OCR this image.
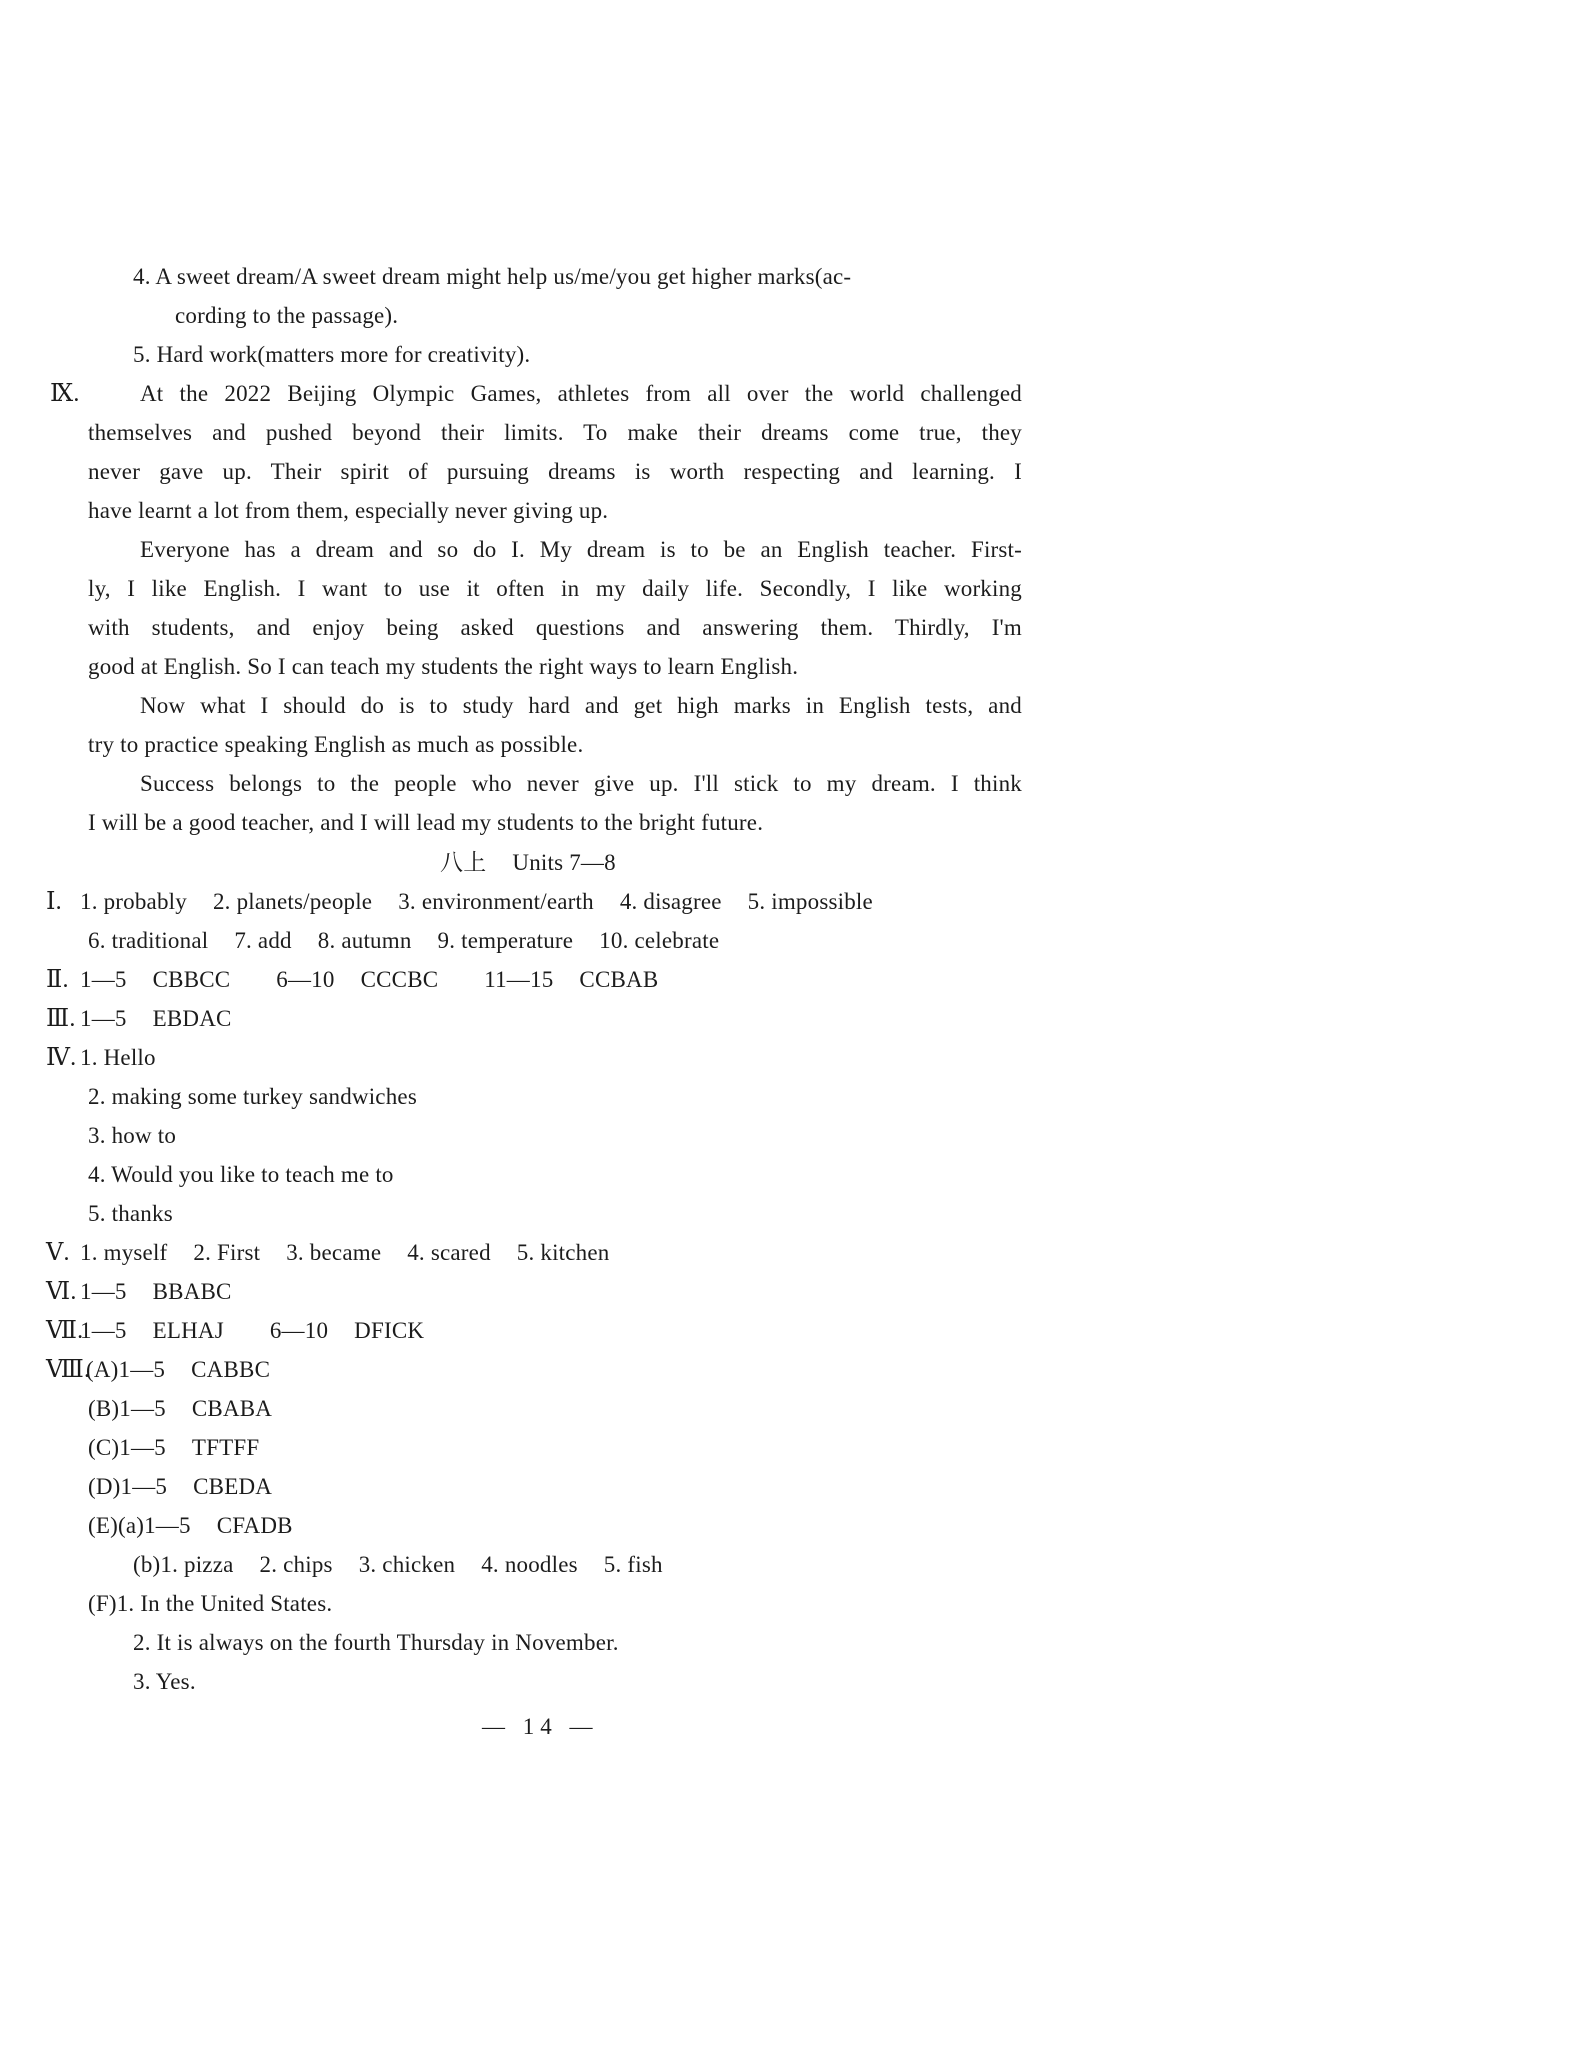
4. A sweet dream/A sweet dream might help us/me/you get higher marks(ac-
cording to the passage).
5. Hard work(matters more for creativity).
Ⅸ.	At the 2022 Beijing Olympic Games, athletes from all over the world challenged
themselves and pushed beyond their limits. To make their dreams come true, they
never gave up. Their spirit of pursuing dreams is worth respecting and learning. I
have learnt a lot from them, especially never giving up.
Everyone has a dream and so do I. My dream is to be an English teacher. First-
ly, I like English. I want to use it often in my daily life. Secondly, I like working
with students, and enjoy being asked questions and answering them. Thirdly, I'm
good at English. So I can teach my students the right ways to learn English.
Now what I should do is to study hard and get high marks in English tests, and
try to practice speaking English as much as possible.
Success belongs to the people who never give up. I'll stick to my dream. I think
I will be a good teacher, and I will lead my students to the bright future.
八上 Units 7—8
Ⅰ. 1. probably 2. planets/people 3. environment/earth 4. disagree 5. impossible
6. traditional 7. add 8. autumn 9. temperature 10. celebrate
Ⅱ. 1—5 CBBCC 6—10 CCCBC 11—15 CCBAB
Ⅲ. 1—5 EBDAC
Ⅳ. 1. Hello
2. making some turkey sandwiches
3. how to
4. Would you like to teach me to
5. thanks
Ⅴ. 1. myself 2. First 3. became 4. scared 5. kitchen
Ⅵ. 1—5 BBABC
Ⅶ.
1—5 ELHAJ 6—10 DFICK
Ⅷ.
(A)1—5 CABBC
(B)1—5 CBABA
(C)1—5 TFTFF
(D)1—5 CBEDA
(E)(a)1—5 CFADB
(b)1. pizza 2. chips 3. chicken 4. noodles 5. fish
(F)1. In the United States.
2. It is always on the fourth Thursday in November.
3. Yes.
— 14 —
